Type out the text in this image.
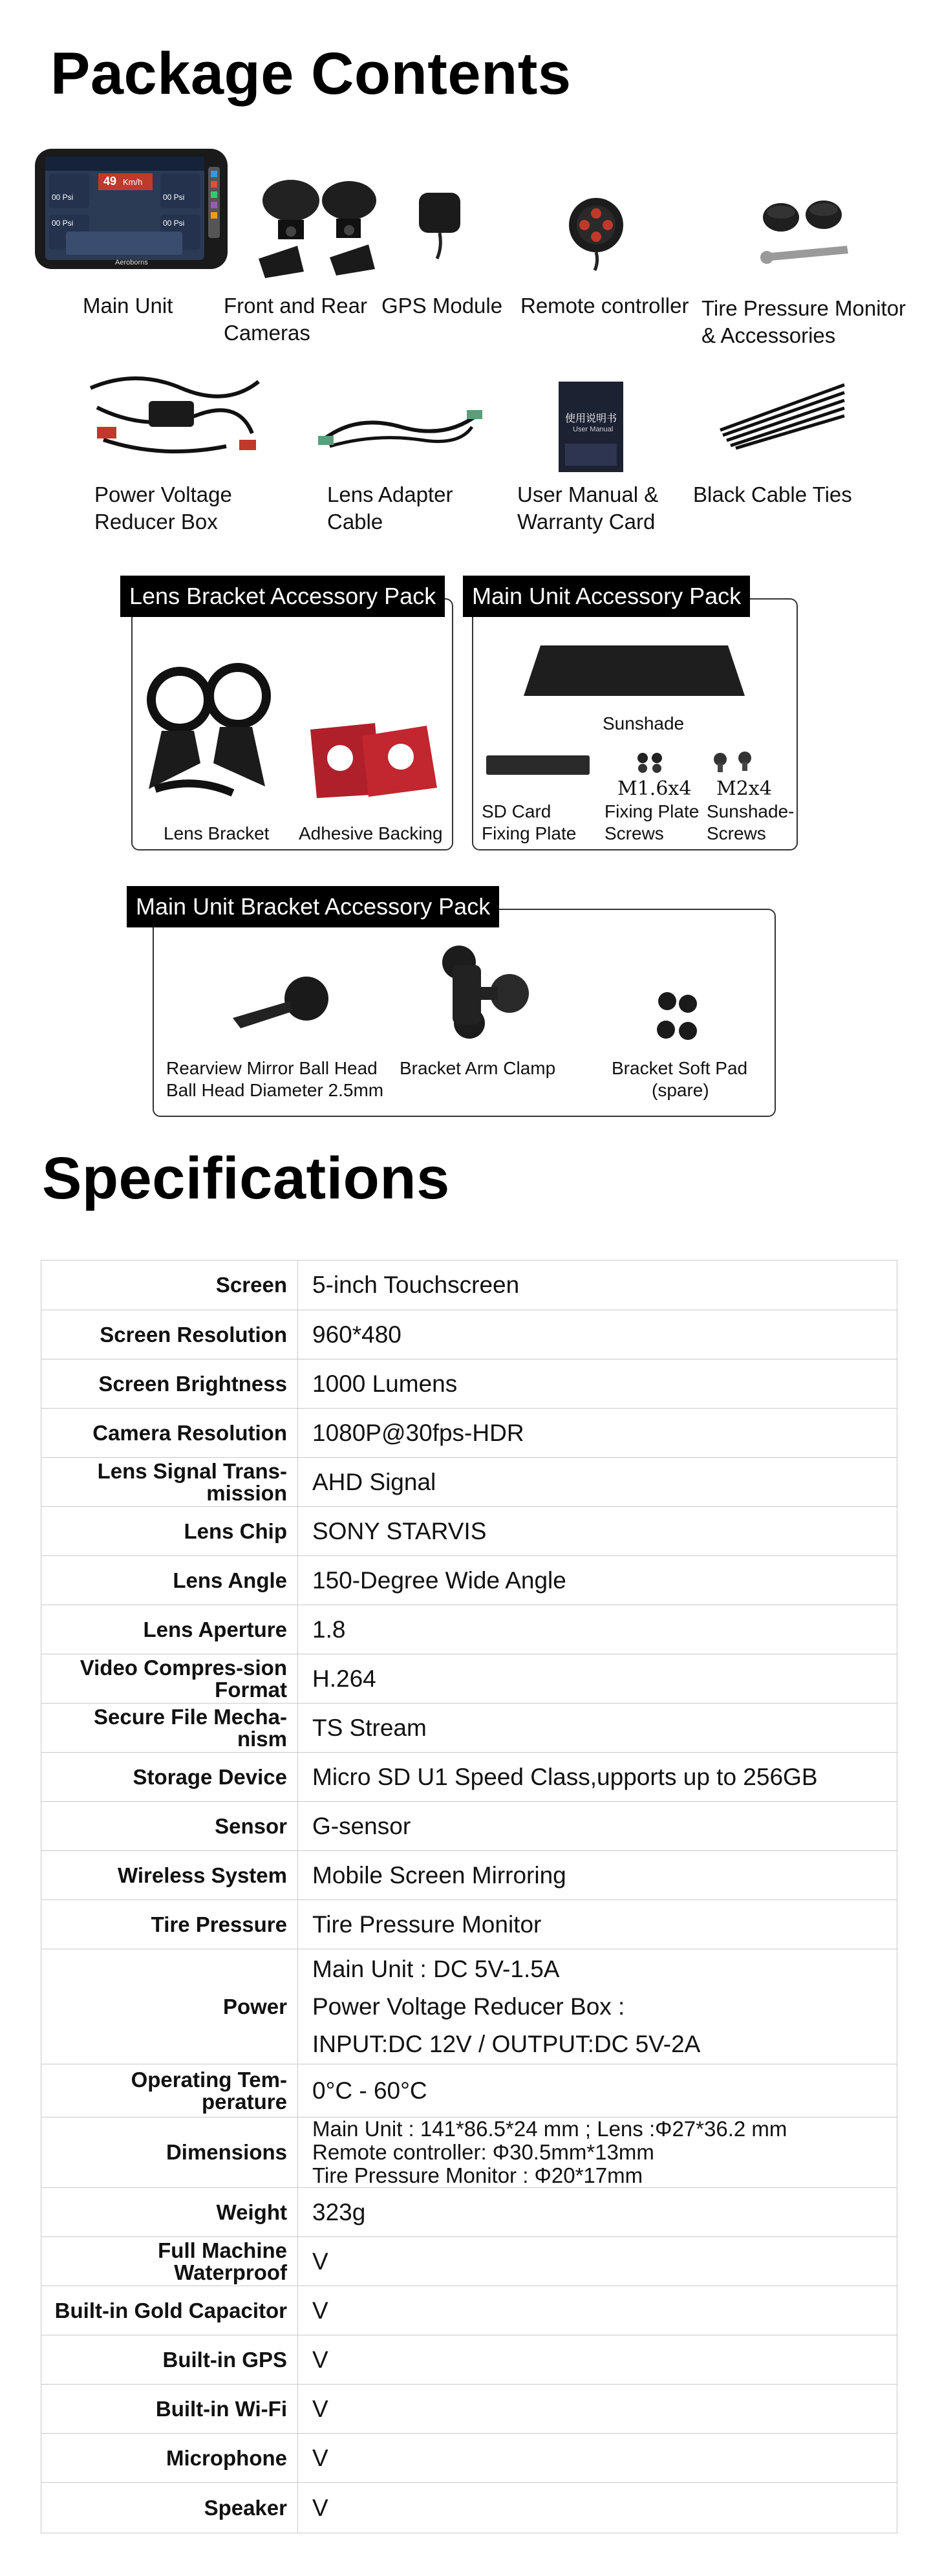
Package Contents
49 Km/h
00 Psi	00 Psi
00 Psi	00 Psi
Aeroborns
Main Unit Front and Rear Cameras
GPS Module Remote controller Tire Pressure Monitor & Accessories
使用说明书
User Manual
Power Voltage Reducer Box
Lens Adapter Cable
User Manual & Warranty Card
Black Cable Ties
Lens Bracket Accessory Pack
Lens Bracket Adhesive Backing
Main Unit Accessory Pack
Sunshade
SD Card Fixing Plate
M1.6x4
Fixing Plate Screws
M2x4
Sunshade-Screws
Main Unit Bracket Accessory Pack
Rearview Mirror Ball Head
Ball Head Diameter 2.5mm
Bracket Arm Clamp	Bracket Soft Pad
(spare)
Specifications
Screen	5-inch Touchscreen
Screen Resolution	960*480
Screen Brightness	1000 Lumens
Camera Resolution	1080P@30fps-HDR
Lens Signal Trans-mission	AHD Signal
Lens Chip	SONY STARVIS
Lens Angle	150-Degree Wide Angle
Lens Aperture	1.8
Video Compres-sion Format	H.264
Secure File Mecha-nism	TS Stream
Storage Device	Micro SD U1 Speed Class,upports up to 256GB
Sensor	G-sensor
Wireless System	Mobile Screen Mirroring
Tire Pressure	Tire Pressure Monitor
Power	Main Unit : DC 5V-1.5A
Power Voltage Reducer Box :
INPUT:DC 12V / OUTPUT:DC 5V-2A
Operating Tem-perature	0°C - 60°C
Dimensions	Main Unit : 141*86.5*24 mm ; Lens :Φ27*36.2 mm
Remote controller: Φ30.5mm*13mm
Tire Pressure Monitor : Φ20*17mm
Weight	323g
Full Machine Waterproof	V
Built-in Gold Capacitor	V
Built-in GPS	V
Built-in Wi-Fi	V
Microphone	V
Speaker	V
